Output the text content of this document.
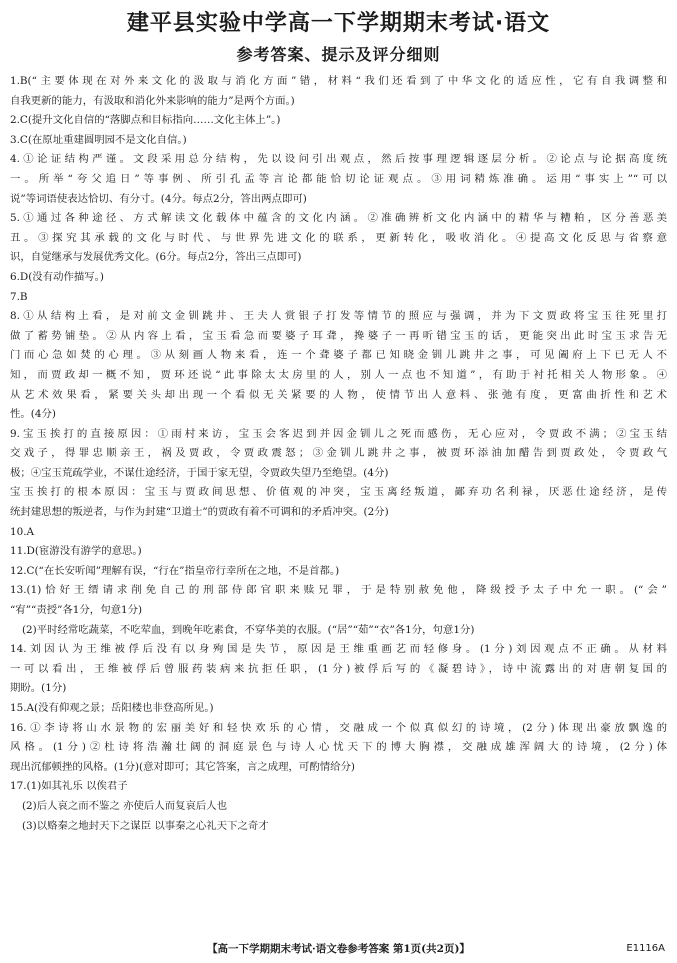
建平县实验中学高一下学期期末考试·语文
参考答案、提示及评分细则

1.B(“主要体现在对外来文化的汲取与消化方面”错，材料“我们还看到了中华文化的适应性，它有自我调整和

自我更新的能力，有汲取和消化外来影响的能力”是两个方面。)

2.C(提升文化自信的“落脚点和目标指向……文化主体上”。)

3.C(在原址重建圆明园不是文化自信。)

4.①论证结构严谨。文段采用总分结构，先以设问引出观点，然后按事理逻辑逐层分析。②论点与论据高度统

一。所举“夸父追日”等事例、所引孔孟等言论都能恰切论证观点。③用词精炼准确。运用“事实上”“可以

说”等词语使表达恰切、有分寸。(4分。每点2分，答出两点即可)

5.①通过各种途径、方式解读文化载体中蕴含的文化内涵。②准确辨析文化内涵中的精华与糟粕，区分善恶美

丑。③探究其承载的文化与时代、与世界先进文化的联系，更新转化，吸收消化。④提高文化反思与省察意

识，自觉继承与发展优秀文化。(6分。每点2分，答出三点即可)

6.D(没有动作描写。)

7.B

8.①从结构上看，是对前文金钏跳井、王夫人赏银子打发等情节的照应与强调，并为下文贾政将宝玉往死里打

做了蓄势铺垫。②从内容上看，宝玉看急而要婆子耳聋，搀婆子一再听错宝玉的话，更能突出此时宝玉求告无

门而心急如焚的心理。③从刻画人物来看，连一个聋婆子都已知晓金钏儿跳井之事，可见阖府上下已无人不

知，而贾政却一概不知，贾环还说“此事除太太房里的人，别人一点也不知道”，有助于衬托相关人物形象。④

从艺术效果看，紧要关头却出现一个看似无关紧要的人物，使情节出人意料、张弛有度，更富曲折性和艺术

性。(4分)

9.宝玉挨打的直接原因：①雨村来访，宝玉会客迟到并因金钏儿之死而感伤，无心应对，令贾政不满；②宝玉结

交戏子，得罪忠顺亲王，祸及贾政，令贾政震怒；③金钏儿跳井之事，被贾环添油加醋告到贾政处，令贾政气

极；④宝玉荒疏学业，不谋仕途经济，于国于家无望，令贾政失望乃至绝望。(4分)

宝玉挨打的根本原因：宝玉与贾政间思想、价值观的冲突，宝玉离经叛道，鄙弃功名利禄，厌恶仕途经济，是传

统封建思想的叛逆者，与作为封建“卫道士”的贾政有着不可调和的矛盾冲突。(2分)

10.A

11.D(宦游没有游学的意思。)

12.C(“在长安听闻”理解有误，“行在”指皇帝行幸所在之地，不是首都。)

13.(1)恰好王缙请求削免自己的刑部侍郎官职来赎兄罪，于是特别赦免他，降级授予太子中允一职。(“会”

“宥”“责授”各1分，句意1分)

(2)平时经常吃蔬菜，不吃荤血，到晚年吃素食，不穿华美的衣服。(“居”“茹”“衣”各1分，句意1分)

14.刘因认为王维被俘后没有以身殉国是失节，原因是王维重画艺而轻修身。(1分)刘因观点不正确。从材料

一可以看出，王维被俘后曾服药装病来抗拒任职，(1分)被俘后写的《凝碧诗》，诗中流露出的对唐朝复国的

期盼。(1分)

15.A(没有仰观之景；岳阳楼也非登高所见。)

16.①李诗将山水景物的宏丽美好和轻快欢乐的心情，交融成一个似真似幻的诗境，(2分)体现出豪放飘逸的

风格。(1分)②杜诗将浩瀚壮阔的洞庭景色与诗人心忧天下的博大胸襟，交融成雄浑阔大的诗境，(2分)体

现出沉郁顿挫的风格。(1分)(意对即可；其它答案，言之成理，可酌情给分)

17.(1)如其礼乐 以俟君子

(2)后人哀之而不鉴之 亦使后人而复哀后人也

(3)以赂秦之地封天下之谋臣 以事秦之心礼天下之奇才

【高一下学期期末考试·语文卷参考答案 第1页(共2页)】	E1116A
